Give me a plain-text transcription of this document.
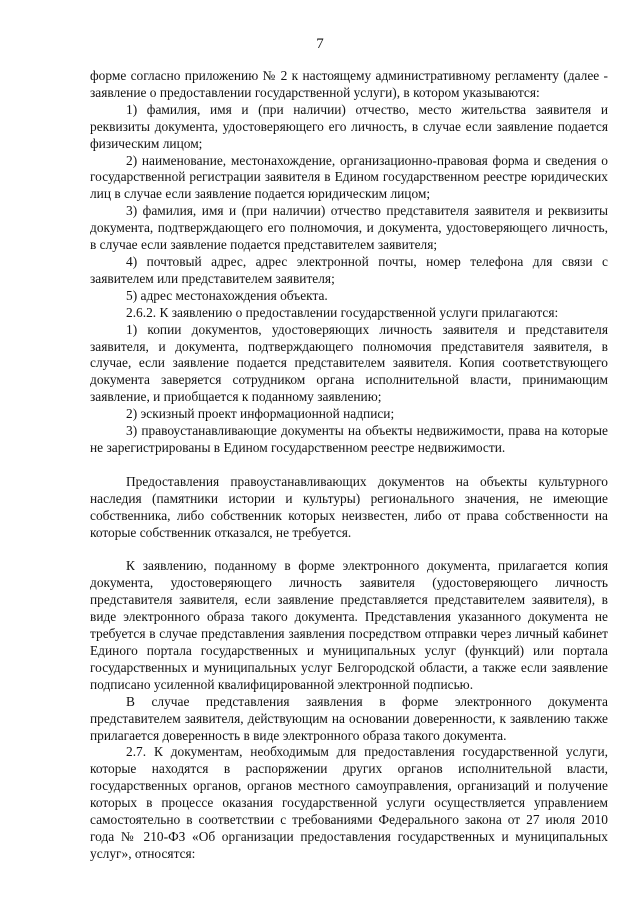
7

форме согласно приложению № 2 к настоящему административному регламенту (далее - заявление о предоставлении государственной услуги), в котором указываются:

1) фамилия, имя и (при наличии) отчество, место жительства заявителя и реквизиты документа, удостоверяющего его личность, в случае если заявление подается физическим лицом;

2) наименование, местонахождение, организационно-правовая форма и сведения о государственной регистрации заявителя в Едином государственном реестре юридических лиц в случае если заявление подается юридическим лицом;

3) фамилия, имя и (при наличии) отчество представителя заявителя и реквизиты документа, подтверждающего его полномочия, и документа, удостоверяющего личность, в случае если заявление подается представителем заявителя;

4) почтовый адрес, адрес электронной почты, номер телефона для связи с заявителем или представителем заявителя;

5) адрес местонахождения объекта.

2.6.2. К заявлению о предоставлении государственной услуги прилагаются:

1) копии документов, удостоверяющих личность заявителя и представителя заявителя, и документа, подтверждающего полномочия представителя заявителя, в случае, если заявление подается представителем заявителя. Копия соответствующего документа заверяется сотрудником органа исполнительной власти, принимающим заявление, и приобщается к поданному заявлению;

2) эскизный проект информационной надписи;

3) правоустанавливающие документы на объекты недвижимости, права на которые не зарегистрированы в Едином государственном реестре недвижимости.

Предоставления правоустанавливающих документов на объекты культурного наследия (памятники истории и культуры) регионального значения, не имеющие собственника, либо собственник которых неизвестен, либо от права собственности на которые собственник отказался, не требуется.

К заявлению, поданному в форме электронного документа, прилагается копия документа, удостоверяющего личность заявителя (удостоверяющего личность представителя заявителя, если заявление представляется представителем заявителя), в виде электронного образа такого документа. Представления указанного документа не требуется в случае представления заявления посредством отправки через личный кабинет Единого портала государственных и муниципальных услуг (функций) или портала государственных и муниципальных услуг Белгородской области, а также если заявление подписано усиленной квалифицированной электронной подписью.

В случае представления заявления в форме электронного документа представителем заявителя, действующим на основании доверенности, к заявлению также прилагается доверенность в виде электронного образа такого документа.

2.7. К документам, необходимым для предоставления государственной услуги, которые находятся в распоряжении других органов исполнительной власти, государственных органов, органов местного самоуправления, организаций и получение которых в процессе оказания государственной услуги осуществляется управлением самостоятельно в соответствии с требованиями Федерального закона от 27 июля 2010 года № 210-ФЗ «Об организации предоставления государственных и муниципальных услуг», относятся:
